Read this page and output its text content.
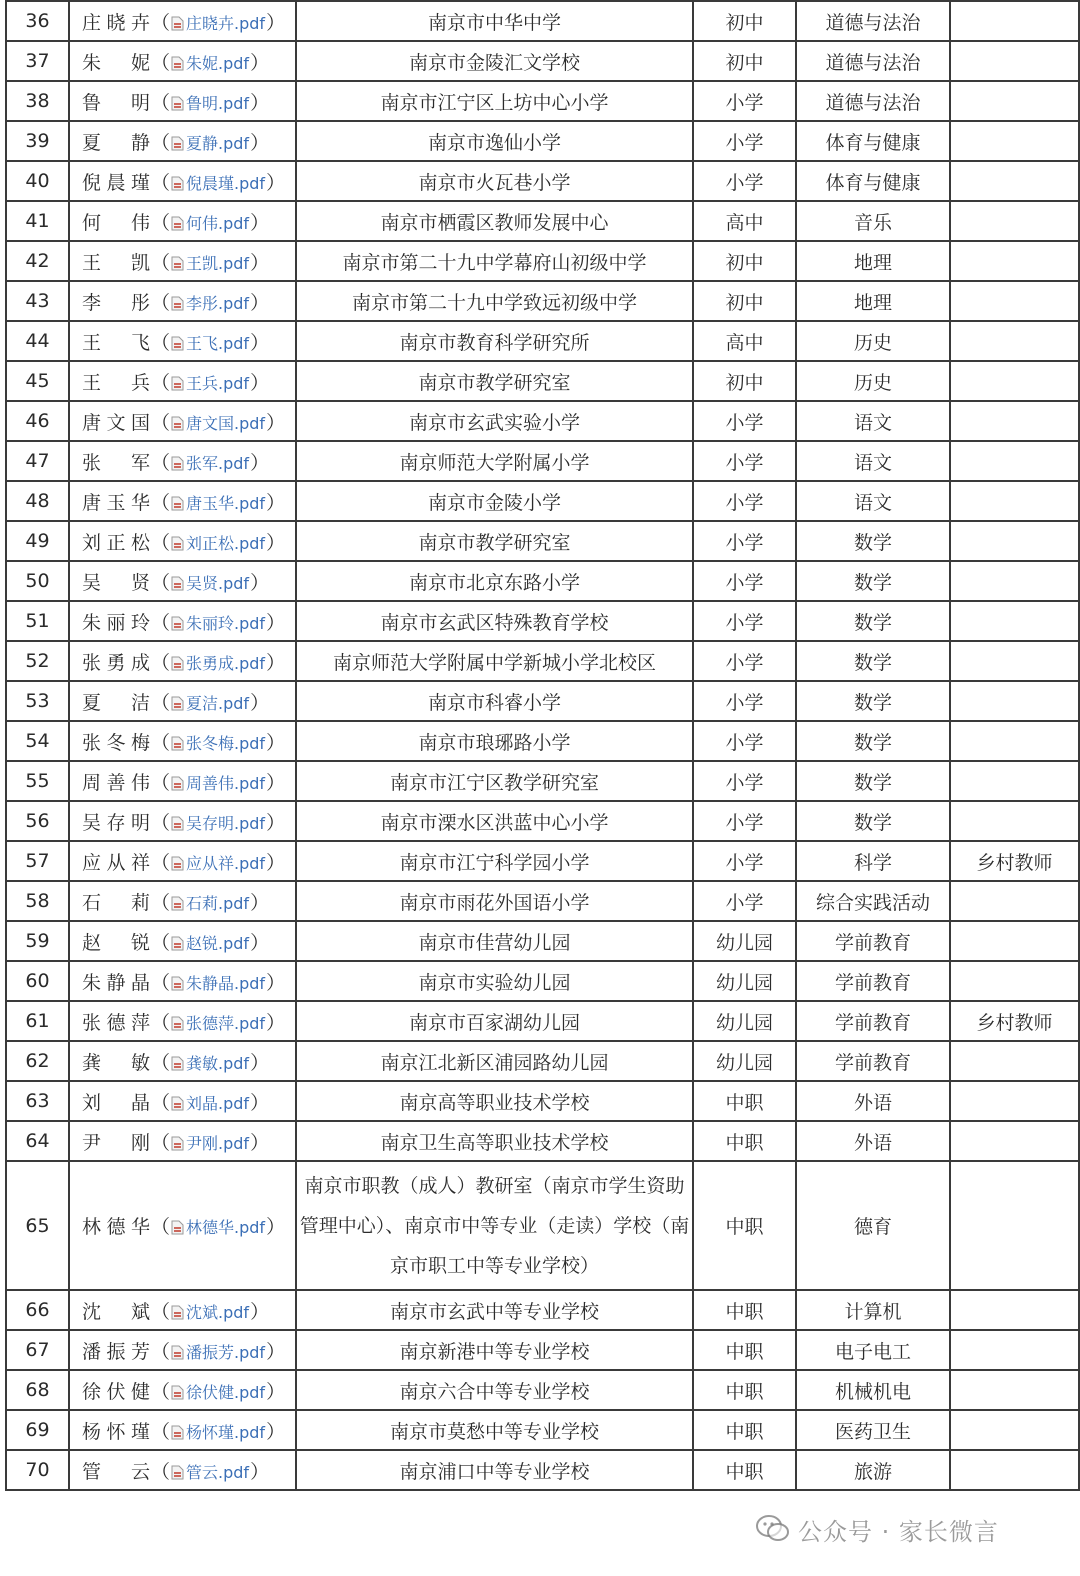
36	庄晓卉（ 庄晓卉.pdf）	南京市中华中学	初中	道德与法治	
37	朱 妮（ 朱妮.pdf）	南京市金陵汇文学校	初中	道德与法治	
38	鲁 明（ 鲁明.pdf）	南京市江宁区上坊中心小学	小学	道德与法治	
39	夏 静（ 夏静.pdf）	南京市逸仙小学	小学	体育与健康	
40	倪晨瑾（ 倪晨瑾.pdf）	南京市火瓦巷小学	小学	体育与健康	
41	何 伟（ 何伟.pdf）	南京市栖霞区教师发展中心	高中	音乐	
42	王 凯（ 王凯.pdf）	南京市第二十九中学幕府山初级中学	初中	地理	
43	李 彤（ 李彤.pdf）	南京市第二十九中学致远初级中学	初中	地理	
44	王 飞（ 王飞.pdf）	南京市教育科学研究所	高中	历史	
45	王 兵（ 王兵.pdf）	南京市教学研究室	初中	历史	
46	唐文国（ 唐文国.pdf）	南京市玄武实验小学	小学	语文	
47	张 军（ 张军.pdf）	南京师范大学附属小学	小学	语文	
48	唐玉华（ 唐玉华.pdf）	南京市金陵小学	小学	语文	
49	刘正松（ 刘正松.pdf）	南京市教学研究室	小学	数学	
50	吴 贤（ 吴贤.pdf）	南京市北京东路小学	小学	数学	
51	朱丽玲（ 朱丽玲.pdf）	南京市玄武区特殊教育学校	小学	数学	
52	张勇成（ 张勇成.pdf）	南京师范大学附属中学新城小学北校区	小学	数学	
53	夏 洁（ 夏洁.pdf）	南京市科睿小学	小学	数学	
54	张冬梅（ 张冬梅.pdf）	南京市琅琊路小学	小学	数学	
55	周善伟（ 周善伟.pdf）	南京市江宁区教学研究室	小学	数学	
56	吴存明（ 吴存明.pdf）	南京市溧水区洪蓝中心小学	小学	数学	
57	应从祥（ 应从祥.pdf）	南京市江宁科学园小学	小学	科学	乡村教师
58	石 莉（ 石莉.pdf）	南京市雨花外国语小学	小学	综合实践活动	
59	赵 锐（ 赵锐.pdf）	南京市佳营幼儿园	幼儿园	学前教育	
60	朱静晶（ 朱静晶.pdf）	南京市实验幼儿园	幼儿园	学前教育	
61	张德萍（ 张德萍.pdf）	南京市百家湖幼儿园	幼儿园	学前教育	乡村教师
62	龚 敏（ 龚敏.pdf）	南京江北新区浦园路幼儿园	幼儿园	学前教育	
63	刘 晶（ 刘晶.pdf）	南京高等职业技术学校	中职	外语	
64	尹 刚（ 尹刚.pdf）	南京卫生高等职业技术学校	中职	外语	
65	林德华（ 林德华.pdf）	南京市职教（成人）教研室（南京市学生资助管理中心）、南京市中等专业（走读）学校（南京市职工中等专业学校）	中职	德育	
66	沈 斌（ 沈斌.pdf）	南京市玄武中等专业学校	中职	计算机	
67	潘振芳（ 潘振芳.pdf）	南京新港中等专业学校	中职	电子电工	
68	徐伏健（ 徐伏健.pdf）	南京六合中等专业学校	中职	机械机电	
69	杨怀瑾（ 杨怀瑾.pdf）	南京市莫愁中等专业学校	中职	医药卫生	
70	管 云（ 管云.pdf）	南京浦口中等专业学校	中职	旅游	
公众号 · 家长微言
